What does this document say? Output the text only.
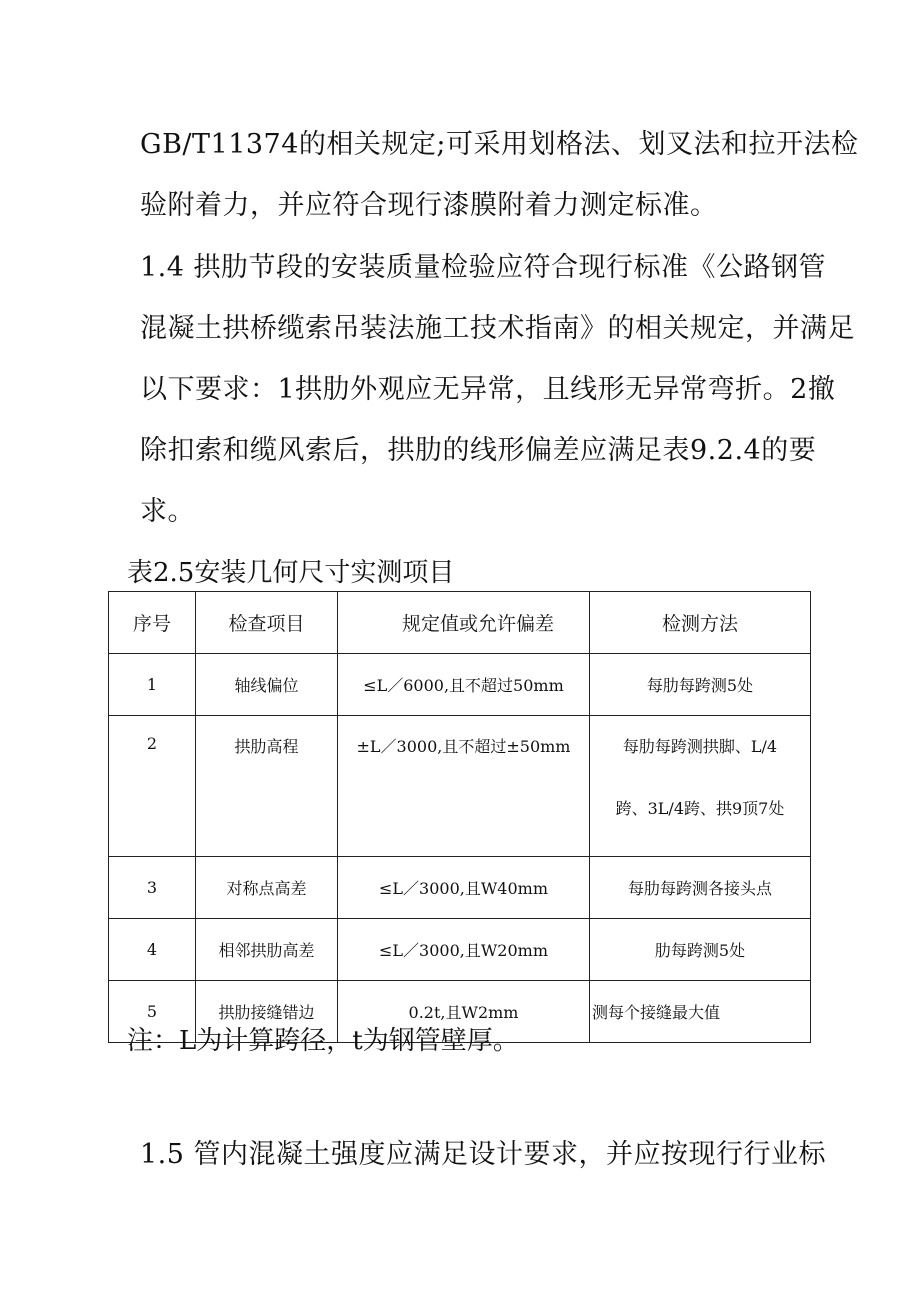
GB/T11374的相关规定;可采用划格法、划叉法和拉开法检
验附着力，并应符合现行漆膜附着力测定标准。
1.4 拱肋节段的安装质量检验应符合现行标准《公路钢管
混凝土拱桥缆索吊装法施工技术指南》的相关规定，并满足
以下要求：1拱肋外观应无异常，且线形无异常弯折。2撤
除扣索和缆风索后，拱肋的线形偏差应满足表9.2.4的要
求。
表2.5安装几何尺寸实测项目
序号	检查项目	规定值或允许偏差	检测方法
1	轴线偏位	≤L／6000,且不超过50mm	每肋每跨测5处
2	拱肋高程	±L／3000,且不超过±50mm	每肋每跨测拱脚、L/4
跨、3L/4跨、拱9顶7处

3	对称点高差	≤L／3000,且W40mm	每肋每跨测各接头点
4	相邻拱肋高差	≤L／3000,且W20mm	肋每跨测5处
5	拱肋接缝错边	0.2t,且W2mm	测每个接缝最大值
注：L为计算跨径，t为钢管壁厚。
1.5 管内混凝土强度应满足设计要求，并应按现行行业标
